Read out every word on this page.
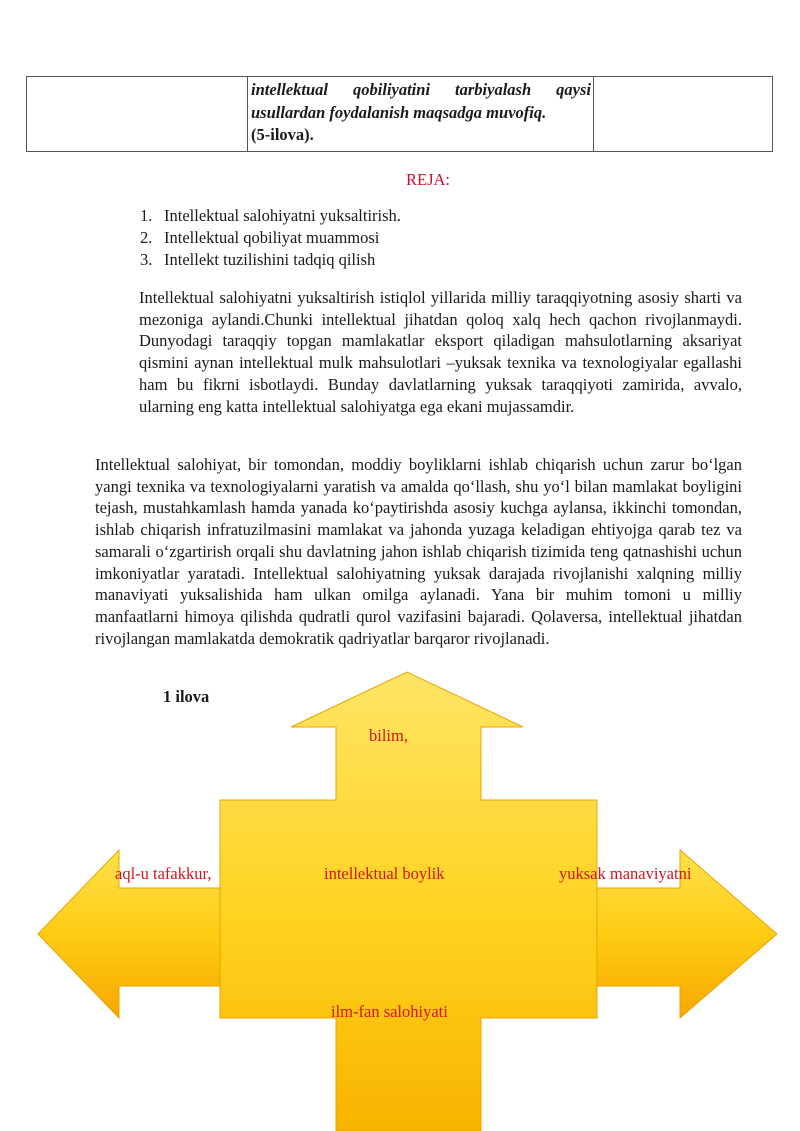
intellektual qobiliyatini tarbiyalash qaysi
usullardan foydalanish maqsadga muvofiq.
(5-ilova).

REJA:
1. Intellektual salohiyatni yuksaltirish.
2. Intellektual qobiliyat muammosi
3. Intellekt tuzilishini tadqiq qilish

Intellektual salohiyatni yuksaltirish istiqlol yillarida milliy taraqqiyotning asosiy sharti va mezoniga aylandi.Chunki intellektual jihatdan qoloq xalq hech qachon rivojlanmaydi. Dunyodagi taraqqiy topgan mamlakatlar eksport qiladigan mahsulotlarning aksariyat qismini aynan intellektual mulk mahsulotlari –yuksak texnika va texnologiyalar egallashi ham bu fikrni isbotlaydi. Bunday davlatlarning yuksak taraqqiyoti zamirida, avvalo, ularning eng katta intellektual salohiyatga ega ekani mujassamdir.

Intellektual salohiyat, bir tomondan, moddiy boyliklarni ishlab chiqarish uchun zarur bo‘lgan yangi texnika va texnologiyalarni yaratish va amalda qo‘llash, shu yo‘l bilan mamlakat boyligini tejash, mustahkamlash hamda yanada ko‘paytirishda asosiy kuchga aylansa, ikkinchi tomondan, ishlab chiqarish infratuzilmasini mamlakat va jahonda yuzaga keladigan ehtiyojga qarab tez va samarali o‘zgartirish orqali shu davlatning jahon ishlab chiqarish tizimida teng qatnashishi uchun imkoniyatlar yaratadi. Intellektual salohiyatning yuksak darajada rivojlanishi xalqning milliy manaviyati yuksalishida ham ulkan omilga aylanadi. Yana bir muhim tomoni u milliy manfaatlarni himoya qilishda qudratli qurol vazifasini bajaradi. Qolaversa, intellektual jihatdan rivojlangan mamlakatda demokratik qadriyatlar barqaror rivojlanadi.

1 ilova
bilim,
aql-u tafakkur,	intellektual boylik	yuksak manaviyatni
ilm-fan salohiyati
